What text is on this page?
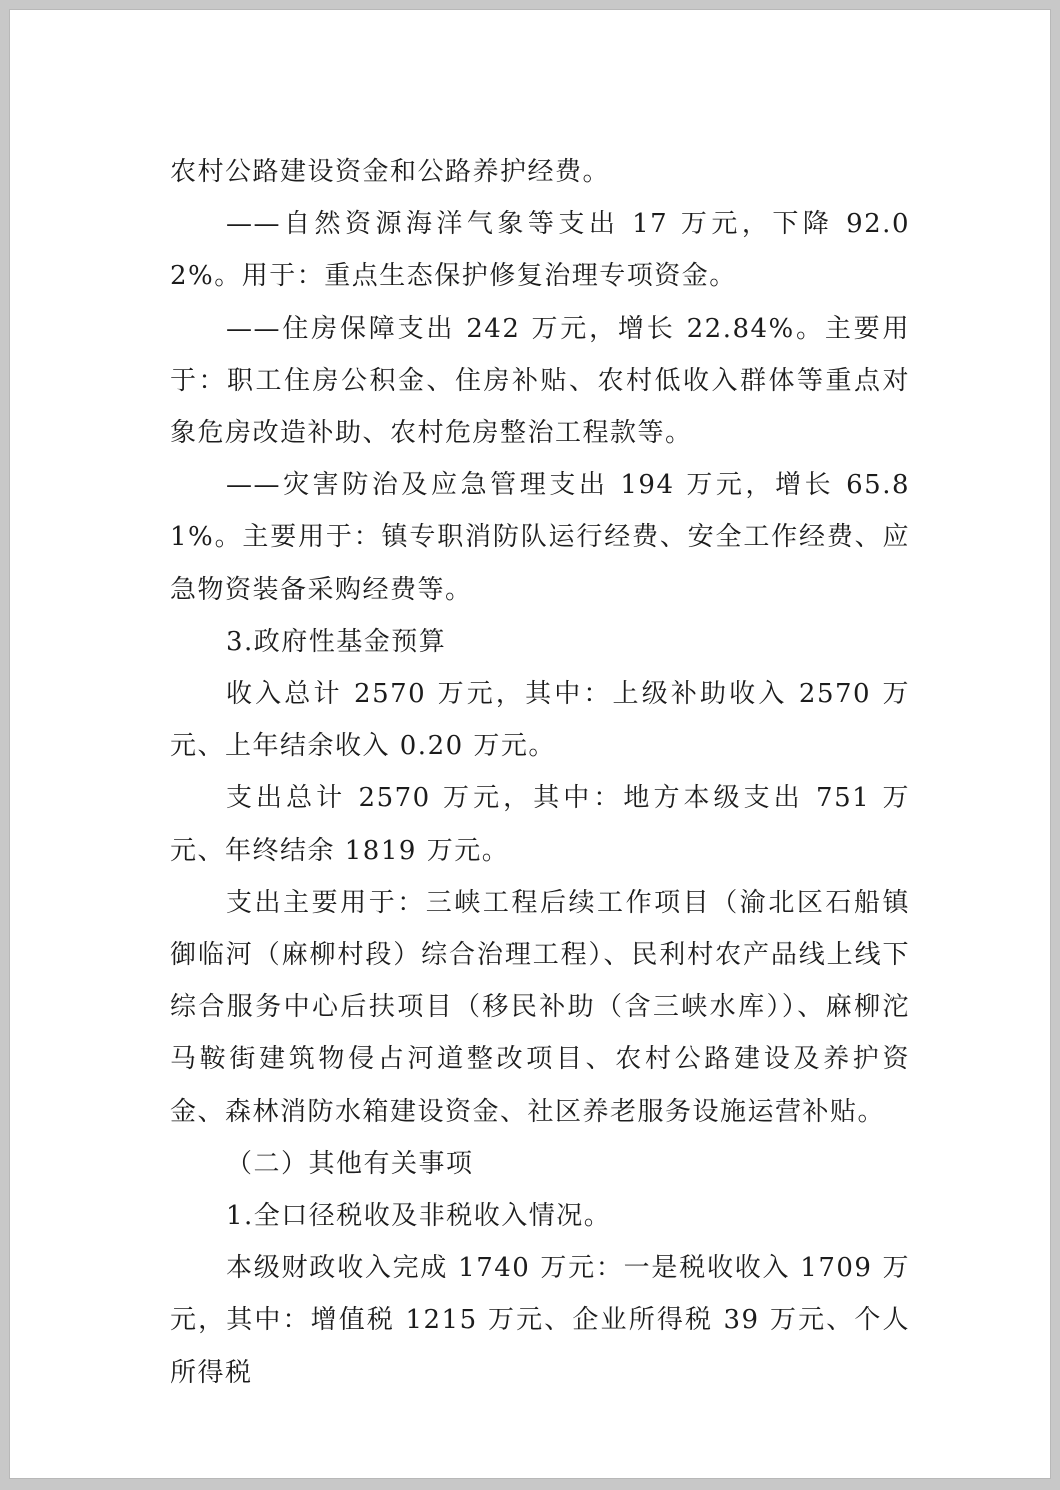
农村公路建设资金和公路养护经费。

——自然资源海洋气象等支出 17 万元，下降 92.02%。用于：重点生态保护修复治理专项资金。

——住房保障支出 242 万元，增长 22.84%。主要用于：职工住房公积金、住房补贴、农村低收入群体等重点对象危房改造补助、农村危房整治工程款等。

——灾害防治及应急管理支出 194 万元，增长 65.81%。主要用于：镇专职消防队运行经费、安全工作经费、应急物资装备采购经费等。

3.政府性基金预算

收入总计 2570 万元，其中：上级补助收入 2570 万元、上年结余收入 0.20 万元。

支出总计 2570 万元，其中：地方本级支出 751 万元、年终结余 1819 万元。

支出主要用于：三峡工程后续工作项目（渝北区石船镇御临河（麻柳村段）综合治理工程）、民利村农产品线上线下综合服务中心后扶项目（移民补助（含三峡水库））、麻柳沱马鞍街建筑物侵占河道整改项目、农村公路建设及养护资金、森林消防水箱建设资金、社区养老服务设施运营补贴。

（二）其他有关事项

1.全口径税收及非税收入情况。

本级财政收入完成 1740 万元：一是税收收入 1709 万元，其中：增值税 1215 万元、企业所得税 39 万元、个人所得税
